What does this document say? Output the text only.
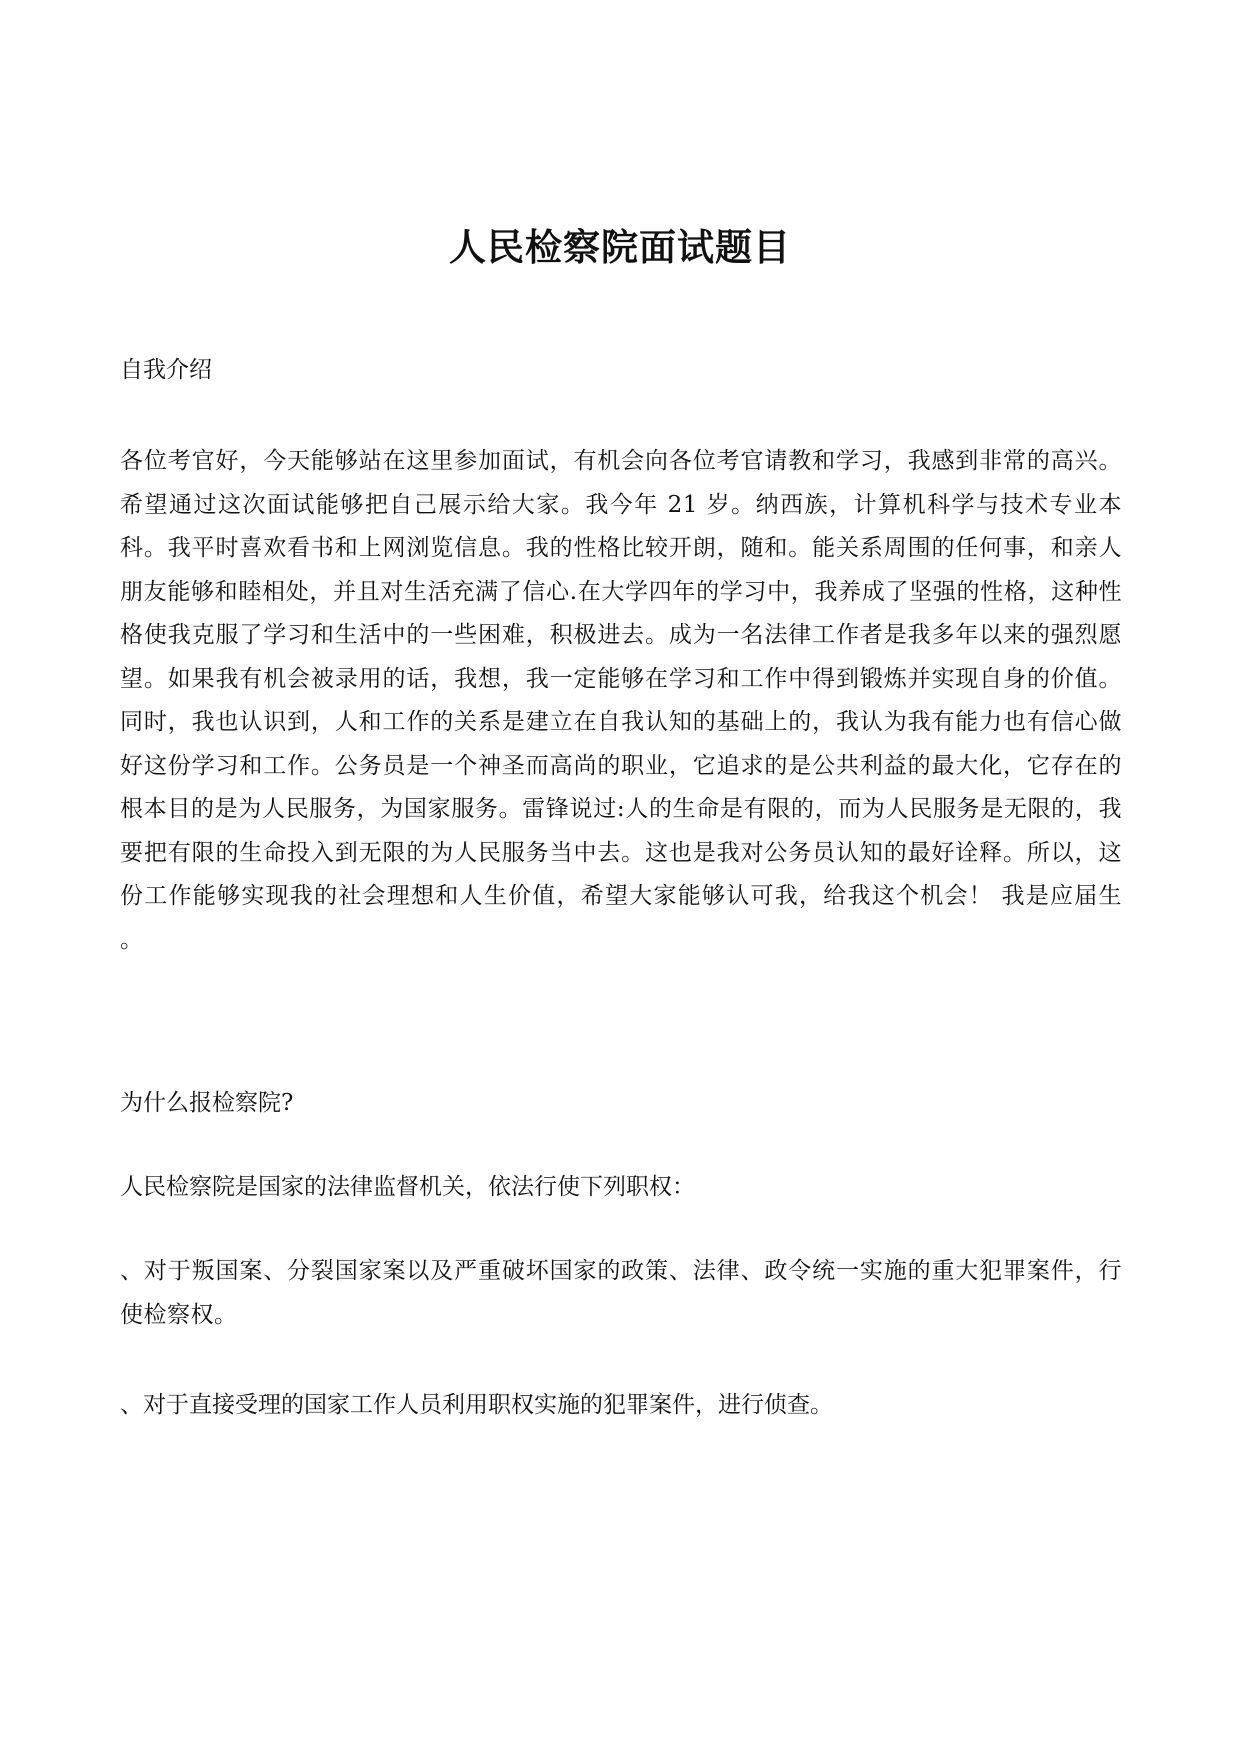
人民检察院面试题目
自我介绍
各位考官好，今天能够站在这里参加面试，有机会向各位考官请教和学习，我感到非常的高兴。希望通过这次面试能够把自己展示给大家。我今年 21 岁。纳西族，计算机科学与技术专业本科。我平时喜欢看书和上网浏览信息。我的性格比较开朗，随和。能关系周围的任何事，和亲人朋友能够和睦相处，并且对生活充满了信心.在大学四年的学习中，我养成了坚强的性格，这种性格使我克服了学习和生活中的一些困难，积极进去。成为一名法律工作者是我多年以来的强烈愿望。如果我有机会被录用的话，我想，我一定能够在学习和工作中得到锻炼并实现自身的价值。同时，我也认识到，人和工作的关系是建立在自我认知的基础上的，我认为我有能力也有信心做好这份学习和工作。公务员是一个神圣而高尚的职业，它追求的是公共利益的最大化，它存在的根本目的是为人民服务，为国家服务。雷锋说过:人的生命是有限的，而为人民服务是无限的，我要把有限的生命投入到无限的为人民服务当中去。这也是我对公务员认知的最好诠释。所以，这份工作能够实现我的社会理想和人生价值，希望大家能够认可我，给我这个机会！ 我是应届生 。
为什么报检察院?
人民检察院是国家的法律监督机关，依法行使下列职权：
、对于叛国案、分裂国家案以及严重破坏国家的政策、法律、政令统一实施的重大犯罪案件，行使检察权。
、对于直接受理的国家工作人员利用职权实施的犯罪案件，进行侦查。
